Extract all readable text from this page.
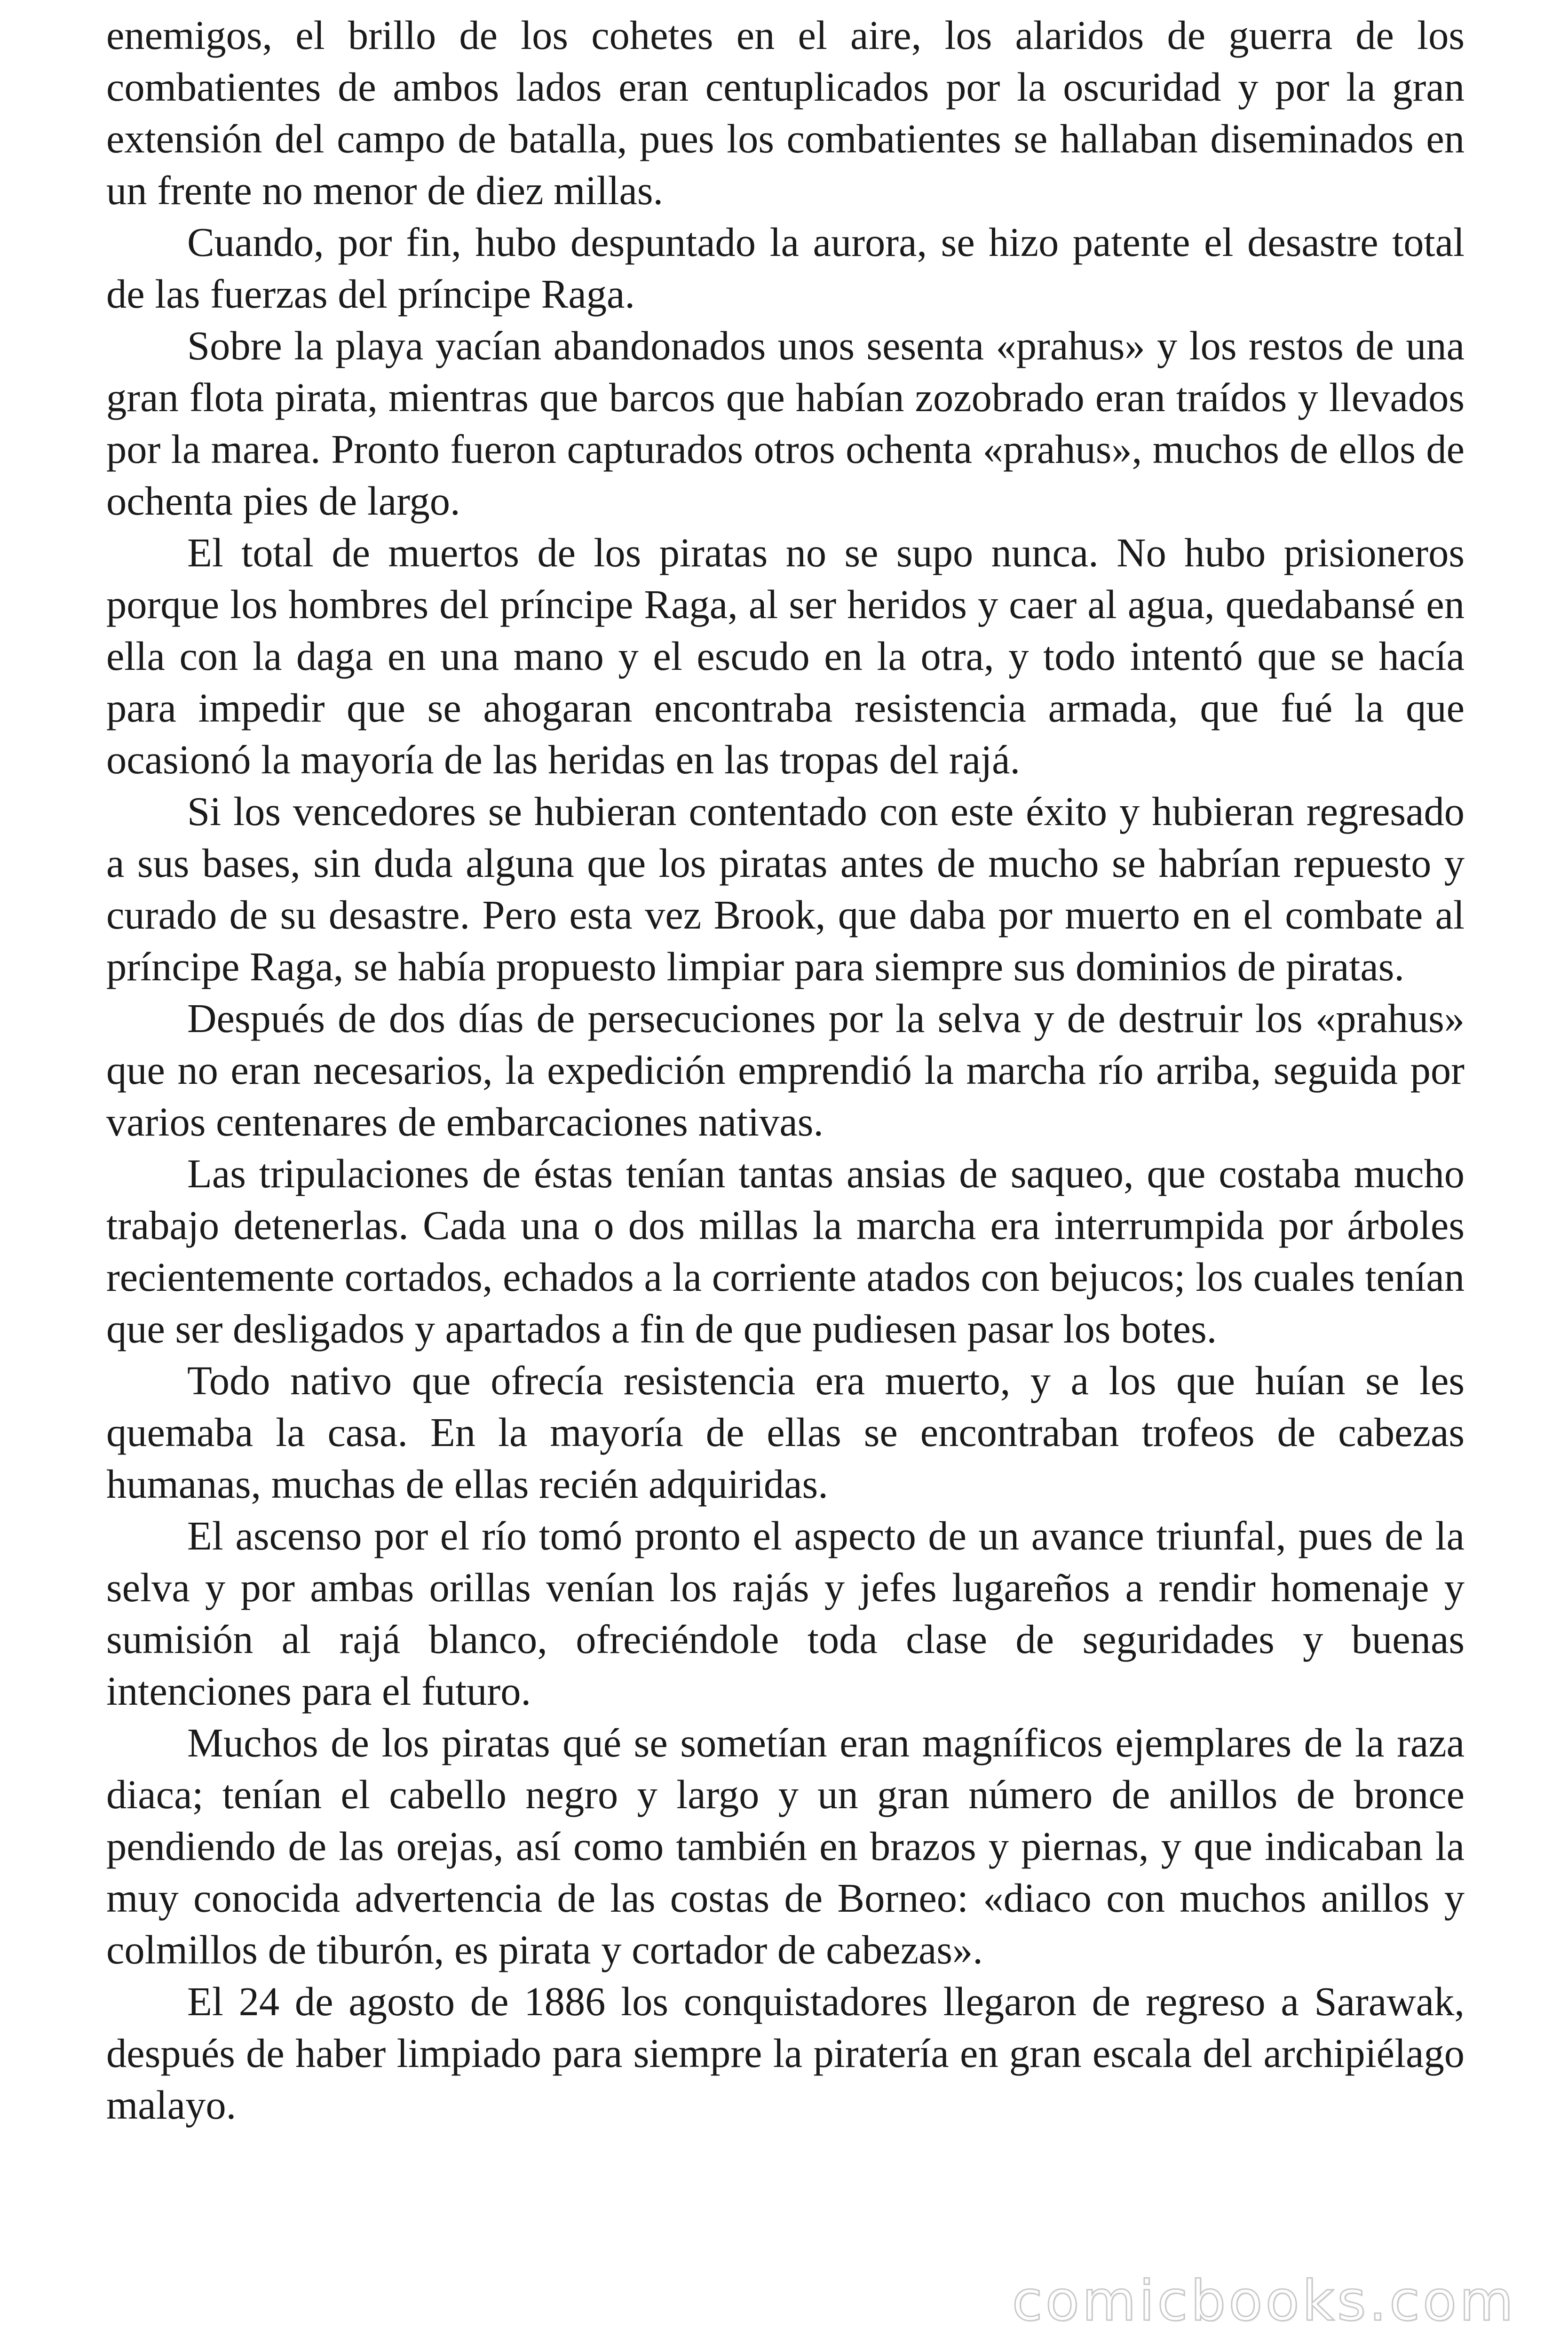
enemigos, el brillo de los cohetes en el aire, los alaridos de guerra de los combatientes de ambos lados eran centuplicados por la oscuridad y por la gran extensión del campo de batalla, pues los combatientes se hallaban diseminados en un frente no menor de diez millas.

Cuando, por fin, hubo despuntado la aurora, se hizo patente el desastre total de las fuerzas del príncipe Raga.

Sobre la playa yacían abandonados unos sesenta «prahus» y los restos de una gran flota pirata, mientras que barcos que habían zozobrado eran traídos y llevados por la marea. Pronto fueron capturados otros ochenta «prahus», muchos de ellos de ochenta pies de largo.

El total de muertos de los piratas no se supo nunca. No hubo prisioneros porque los hombres del príncipe Raga, al ser heridos y caer al agua, quedabansé en ella con la daga en una mano y el escudo en la otra, y todo intentó que se hacía para impedir que se ahogaran encontraba resistencia armada, que fué la que ocasionó la mayoría de las heridas en las tropas del rajá.

Si los vencedores se hubieran contentado con este éxito y hubieran regresado a sus bases, sin duda alguna que los piratas antes de mucho se habrían repuesto y curado de su desastre. Pero esta vez Brook, que daba por muerto en el combate al príncipe Raga, se había propuesto limpiar para siempre sus dominios de piratas.

Después de dos días de persecuciones por la selva y de destruir los «prahus» que no eran necesarios, la expedición emprendió la marcha río arriba, seguida por varios centenares de embarcaciones nativas.

Las tripulaciones de éstas tenían tantas ansias de saqueo, que costaba mucho trabajo detenerlas. Cada una o dos millas la marcha era interrumpida por árboles recientemente cortados, echados a la corriente atados con bejucos; los cuales tenían que ser desligados y apartados a fin de que pudiesen pasar los botes.

Todo nativo que ofrecía resistencia era muerto, y a los que huían se les quemaba la casa. En la mayoría de ellas se encontraban trofeos de cabezas humanas, muchas de ellas recién adquiridas.

El ascenso por el río tomó pronto el aspecto de un avance triunfal, pues de la selva y por ambas orillas venían los rajás y jefes lugareños a rendir homenaje y sumisión al rajá blanco, ofreciéndole toda clase de seguridades y buenas intenciones para el futuro.

Muchos de los piratas qué se sometían eran magníficos ejemplares de la raza diaca; tenían el cabello negro y largo y un gran número de anillos de bronce pendiendo de las orejas, así como también en brazos y piernas, y que indicaban la muy conocida advertencia de las costas de Borneo: «diaco con muchos anillos y colmillos de tiburón, es pirata y cortador de cabezas».

El 24 de agosto de 1886 los conquistadores llegaron de regreso a Sarawak, después de haber limpiado para siempre la piratería en gran escala del archipiélago malayo.

comicbooks.com
